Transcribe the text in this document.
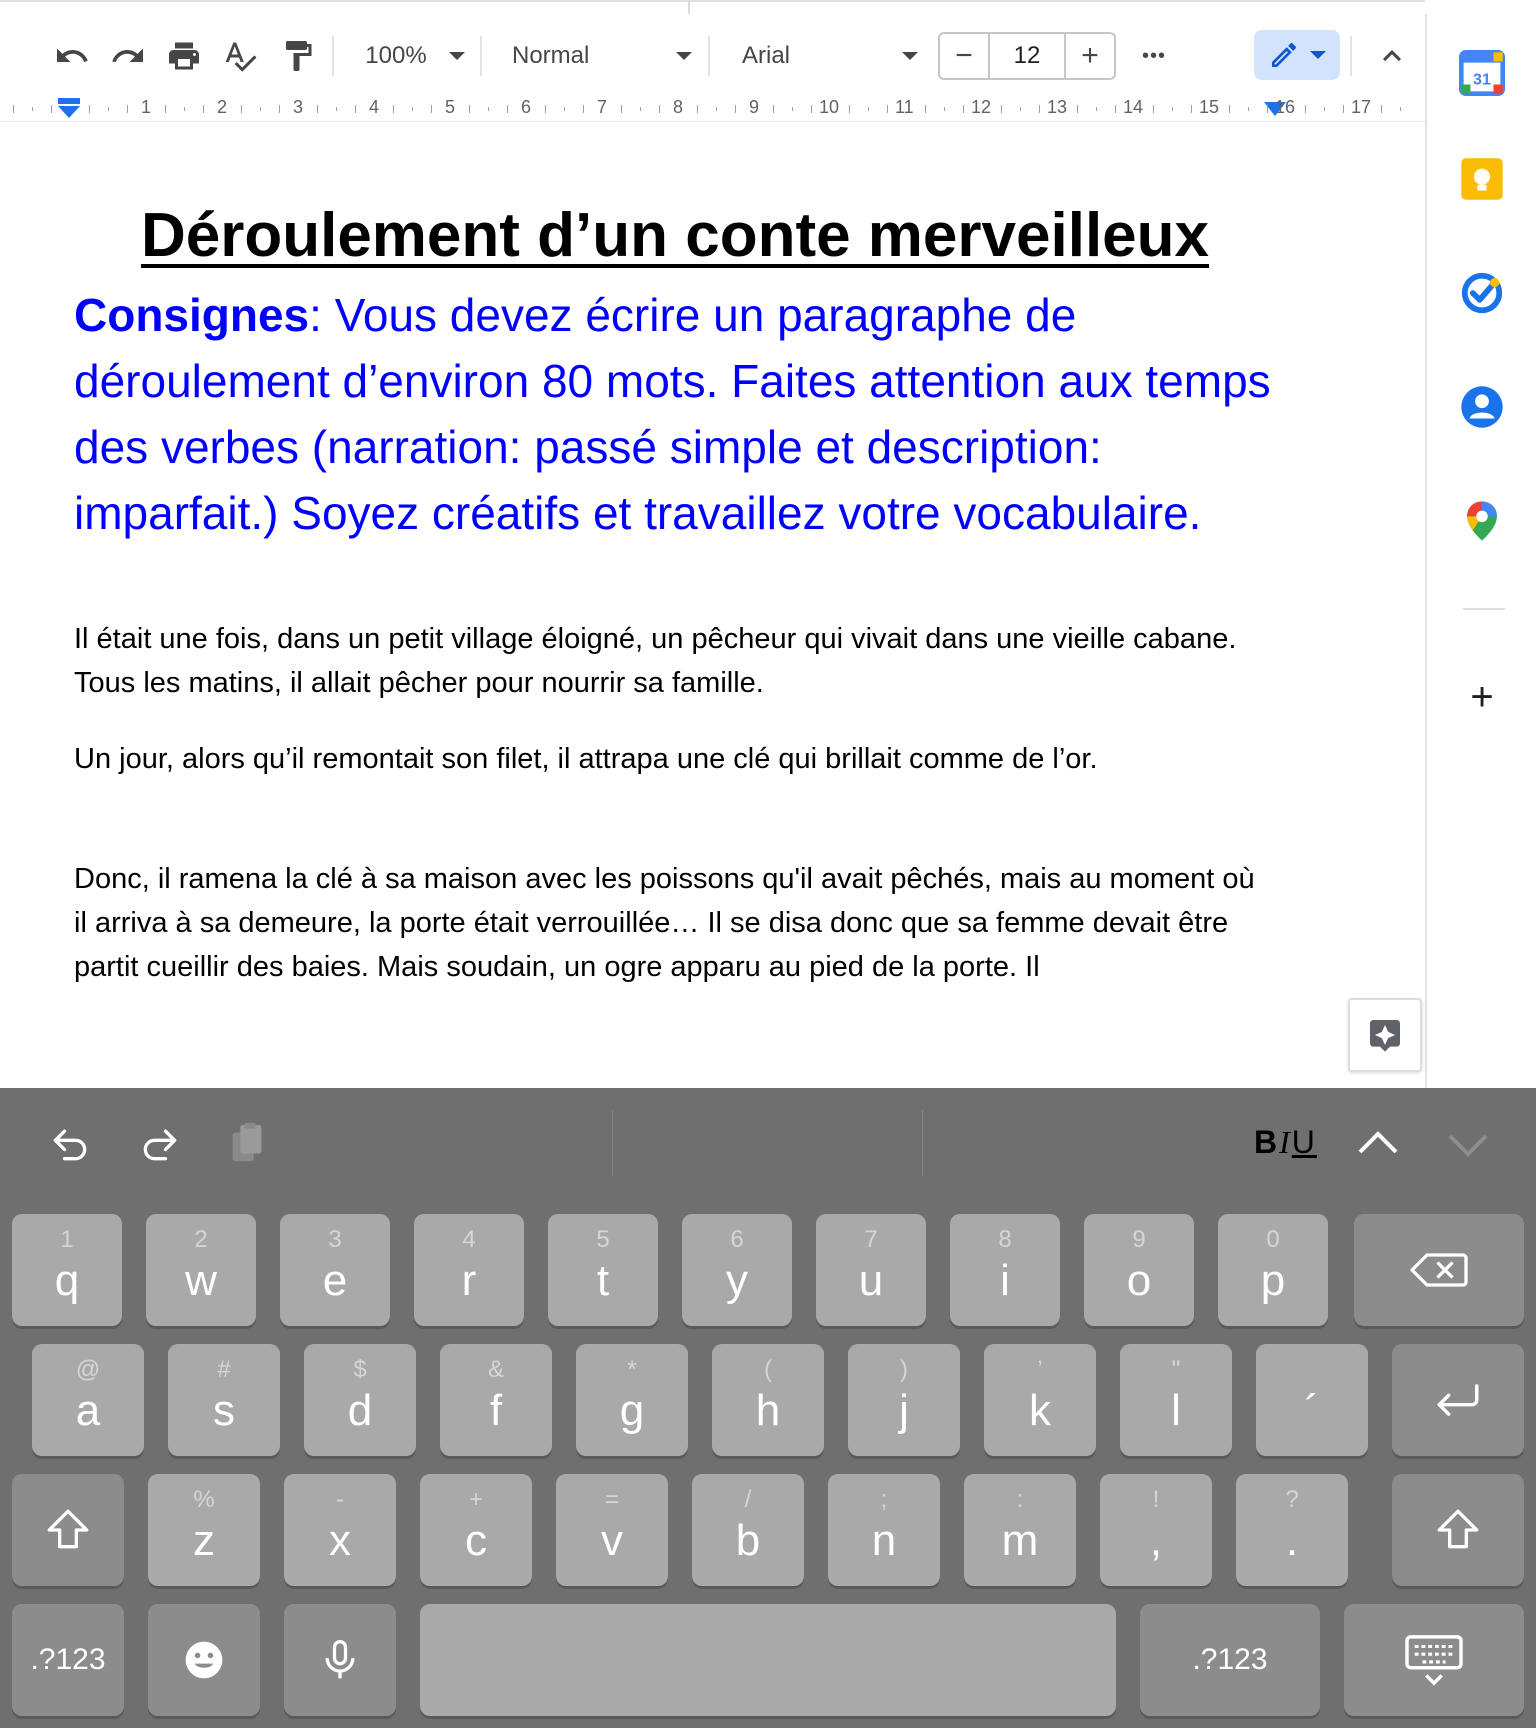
100%	Normal	Arial	−	12	+	•••
1	2	3	4	5	6	7	8	9	10	11	12	13	14	15	16	17
Déroulement d’un conte merveilleux
Consignes: Vous devez écrire un paragraphe de déroulement d’environ 80 mots. Faites attention aux temps des verbes (narration: passé simple et description: imparfait.) Soyez créatifs et travaillez votre vocabulaire.
Il était une fois, dans un petit village éloigné, un pêcheur qui vivait dans une vieille cabane. Tous les matins, il allait pêcher pour nourrir sa famille.
Un jour, alors qu’il remontait son filet, il attrapa une clé qui brillait comme de l’or.
Donc, il ramena la clé à sa maison avec les poissons qu'il avait pêchés, mais au moment où il arriva à sa demeure, la porte était verrouillée… Il se disa donc que sa femme devait être partit cueillir des baies. Mais soudain, un ogre apparu au pied de la porte. Il
31
+
BIU
.?123	.?123
1
q
2
w
3
e
4
r
5
t
6
y
7
u
8
i
9
o
0
p
@
a
#
s
$
d
&
f
*
g
(
h
)
j
’
k
"
l	´
%
z
-
x
+
c
=
v
/
b
;
n
:
m
!
,
?
.
